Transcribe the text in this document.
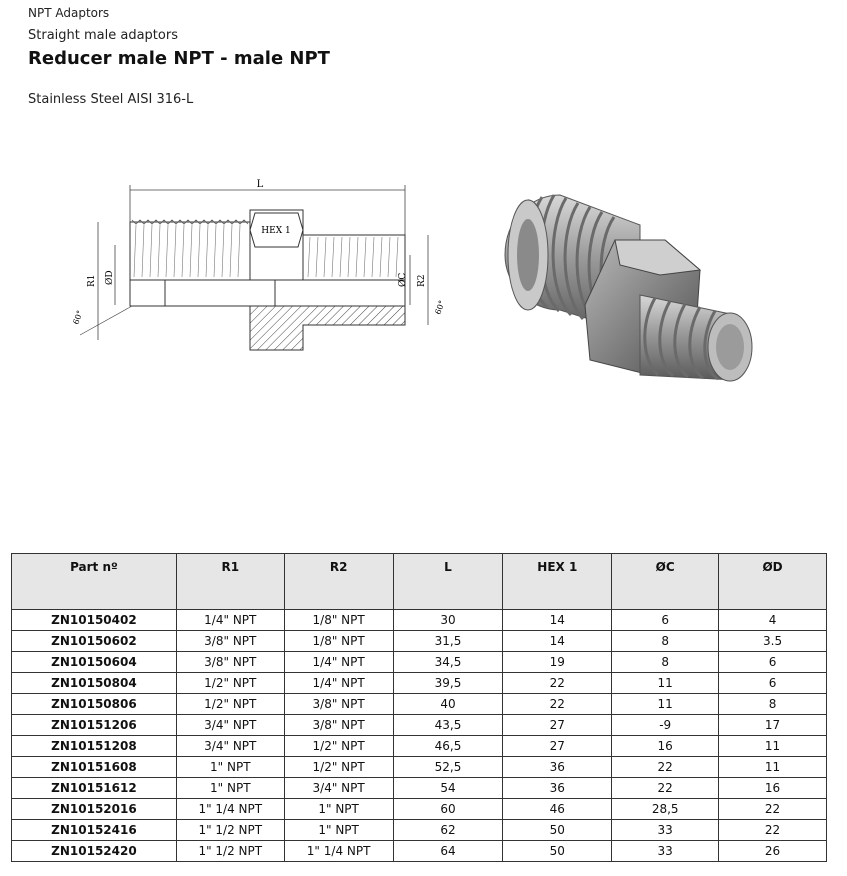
NPT Adaptors
Straight male adaptors
Reducer male NPT - male NPT
Stainless Steel AISI 316-L
L
HEX 1
R1 ØD
60°
ØC R2
60°
Part nº	R1	R2	L	HEX 1	ØC	ØD
ZN10150402	1/4" NPT	1/8" NPT	30	14	6	4
ZN10150602	3/8" NPT	1/8" NPT	31,5	14	8	3.5
ZN10150604	3/8" NPT	1/4" NPT	34,5	19	8	6
ZN10150804	1/2" NPT	1/4" NPT	39,5	22	11	6
ZN10150806	1/2" NPT	3/8" NPT	40	22	11	8
ZN10151206	3/4" NPT	3/8" NPT	43,5	27	-9	17
ZN10151208	3/4" NPT	1/2" NPT	46,5	27	16	11
ZN10151608	1" NPT	1/2" NPT	52,5	36	22	11
ZN10151612	1" NPT	3/4" NPT	54	36	22	16
ZN10152016	1" 1/4 NPT	1" NPT	60	46	28,5	22
ZN10152416	1" 1/2 NPT	1" NPT	62	50	33	22
ZN10152420	1" 1/2 NPT	1" 1/4 NPT	64	50	33	26
